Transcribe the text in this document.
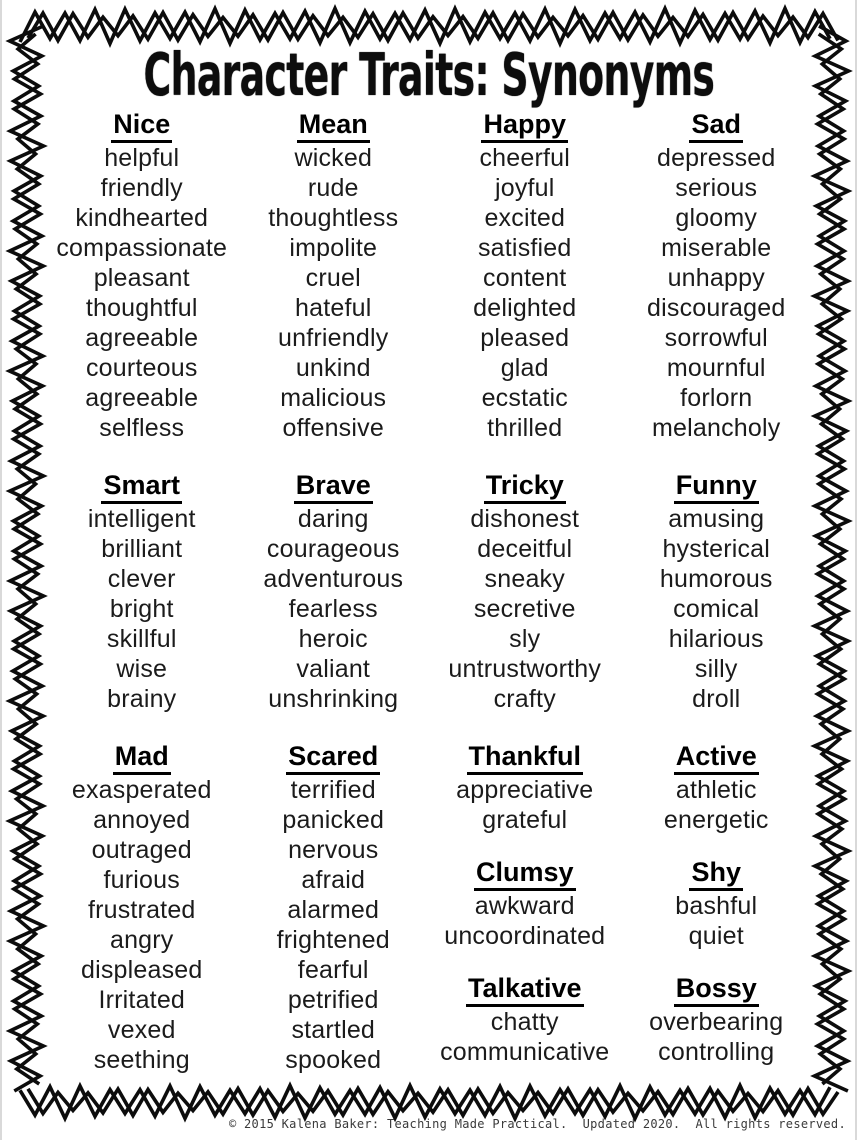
Character Traits: Synonyms
Nice
helpful
friendly
kindhearted
compassionate
pleasant
thoughtful
agreeable
courteous
agreeable
selfless
Mean
wicked
rude
thoughtless
impolite
cruel
hateful
unfriendly
unkind
malicious
offensive
Happy
cheerful
joyful
excited
satisfied
content
delighted
pleased
glad
ecstatic
thrilled
Sad
depressed
serious
gloomy
miserable
unhappy
discouraged
sorrowful
mournful
forlorn
melancholy
Smart
intelligent
brilliant
clever
bright
skillful
wise
brainy
Brave
daring
courageous
adventurous
fearless
heroic
valiant
unshrinking
Tricky
dishonest
deceitful
sneaky
secretive
sly
untrustworthy
crafty
Funny
amusing
hysterical
humorous
comical
hilarious
silly
droll
Mad
exasperated
annoyed
outraged
furious
frustrated
angry
displeased
Irritated
vexed
seething
Scared
terrified
panicked
nervous
afraid
alarmed
frightened
fearful
petrified
startled
spooked
Thankful
appreciative
grateful
Clumsy
awkward
uncoordinated
Talkative
chatty
communicative
Active
athletic
energetic
Shy
bashful
quiet
Bossy
overbearing
controlling
© 2015 Kalena Baker: Teaching Made Practical.  Updated 2020.  All rights reserved.
